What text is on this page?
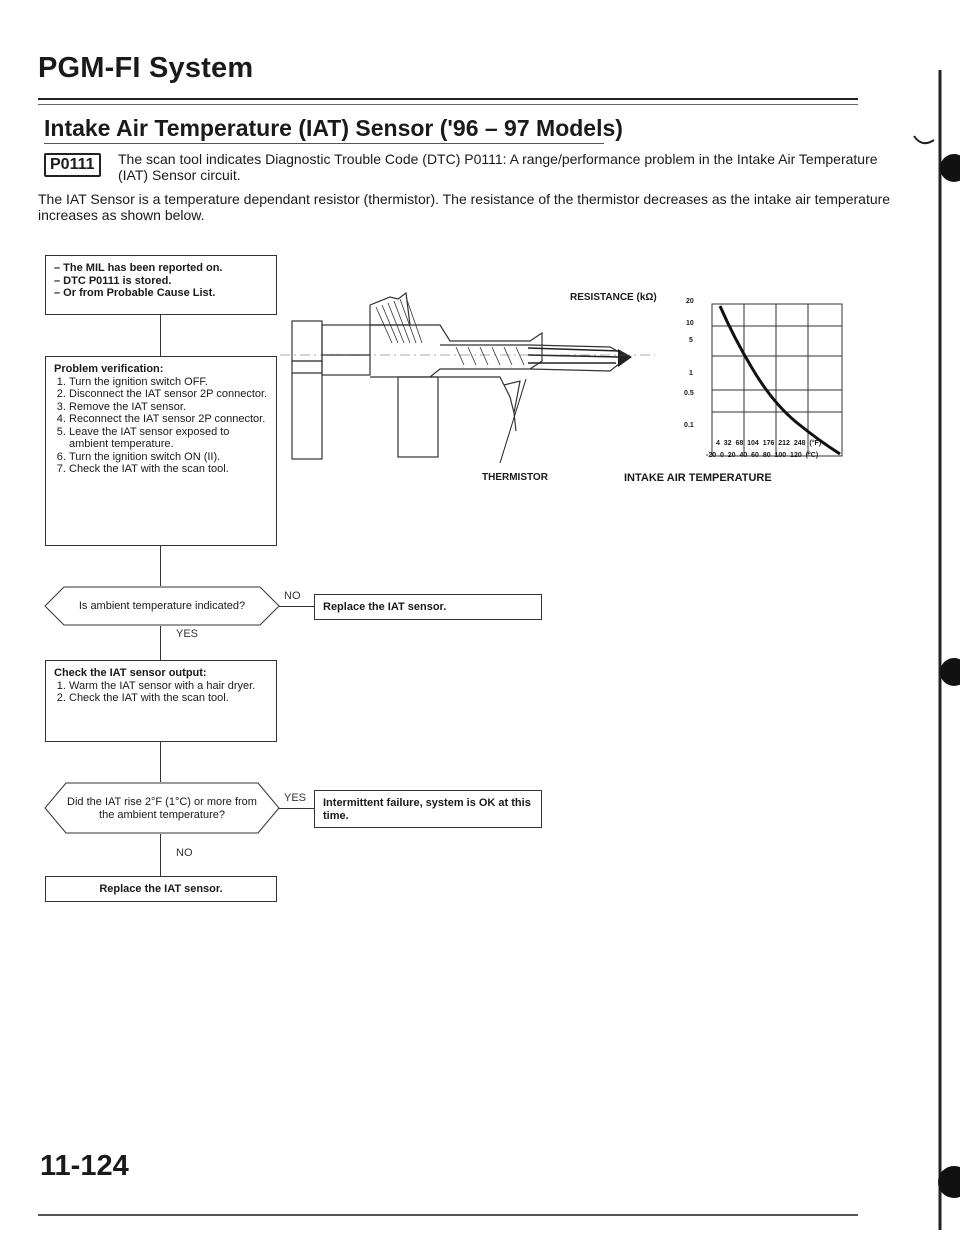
PGM-FI System
Intake Air Temperature (IAT) Sensor ('96 – 97 Models)
P0111	The scan tool indicates Diagnostic Trouble Code (DTC) P0111: A range/performance problem in the Intake Air Temperature (IAT) Sensor circuit.
The IAT Sensor is a temperature dependant resistor (thermistor). The resistance of the thermistor decreases as the intake air temperature increases as shown below.
– The MIL has been reported on.
– DTC P0111 is stored.
– Or from Probable Cause List.
Problem verification:
1. Turn the ignition switch OFF.
2. Disconnect the IAT sensor 2P connector.
3. Remove the IAT sensor.
4. Reconnect the IAT sensor 2P connector.
5. Leave the IAT sensor exposed to ambient temperature.
6. Turn the ignition switch ON (II).
7. Check the IAT with the scan tool.
Is ambient temperature indicated?
NO
Replace the IAT sensor.
YES
Check the IAT sensor output:
1. Warm the IAT sensor with a hair dryer.
2. Check the IAT with the scan tool.
Did the IAT rise 2°F (1°C) or more from the ambient temperature?
YES	Intermittent failure, system is OK at this time.
NO
Replace the IAT sensor.
THERMISTOR
RESISTANCE (kΩ)	20
10
5
1
0.5
0.1
4  32  68  104  176  212  248  (°F)
-20  0  20  40  60  80  100  120  (°C)
INTAKE AIR TEMPERATURE
11-124
